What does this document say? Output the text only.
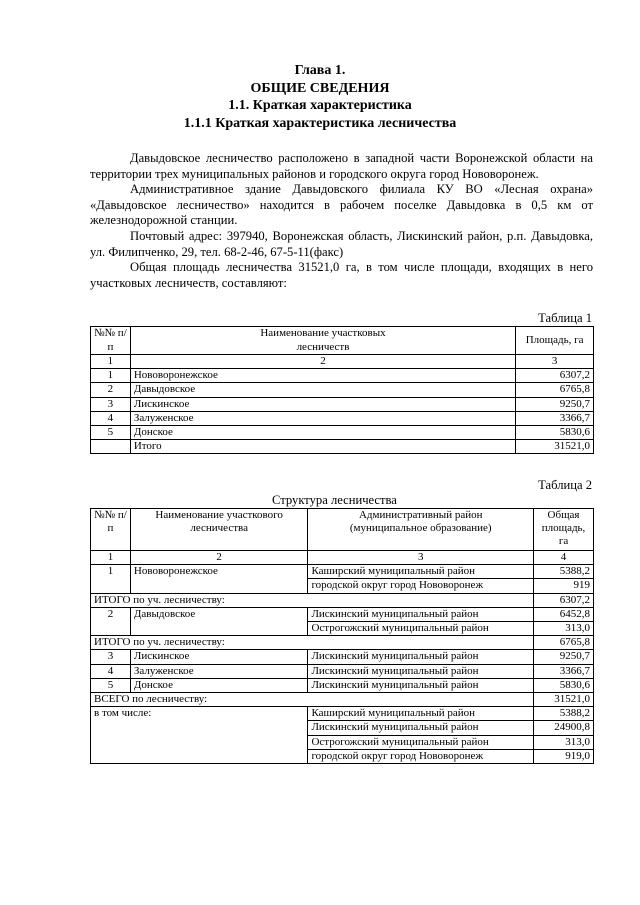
Глава 1.
ОБЩИЕ СВЕДЕНИЯ
1.1. Краткая характеристика
1.1.1 Краткая характеристика лесничества

Давыдовское лесничество расположено в западной части Воронежской области на территории трех муниципальных районов и городского округа город Нововоронеж.

Административное здание Давыдовского филиала КУ ВО «Лесная охрана» «Давыдовское лесничество» находится в рабочем поселке Давыдовка в 0,5 км от железнодорожной станции.

Почтовый адрес: 397940, Воронежская область, Лискинский район, р.п. Давыдовка, ул. Филипченко, 29, тел. 68-2-46, 67-5-11(факс)

Общая площадь лесничества 31521,0 га, в том числе площади, входящих в него участковых лесничеств, составляют:

Таблица 1
№№ п/п	Наименование участковых лесничеств	Площадь, га
1	2	3
1	Нововоронежское	6307,2
2	Давыдовское	6765,8
3	Лискинское	9250,7
4	Залуженское	3366,7
5	Донское	5830,6
	Итого	31521,0
Таблица 2
Структура лесничества
№№ п/п	Наименование участкового лесничества	Административный район (муниципальное образование)	Общая площадь, га
1	2	3	4
1	Нововоронежское	Каширский муниципальный район	5388,2
		городской округ город Нововоронеж	919
ИТОГО по уч. лесничеству:			6307,2
2	Давыдовское	Лискинский муниципальный район	6452,8
		Острогожский муниципальный район	313,0
ИТОГО по уч. лесничеству:			6765,8
3	Лискинское	Лискинский муниципальный район	9250,7
4	Залуженское	Лискинский муниципальный район	3366,7
5	Донское	Лискинский муниципальный район	5830,6
ВСЕГО по лесничеству:			31521,0
в том числе:		Каширский муниципальный район	5388,2
		Лискинский муниципальный район	24900,8
		Острогожский муниципальный район	313,0
		городской округ город Нововоронеж	919,0
